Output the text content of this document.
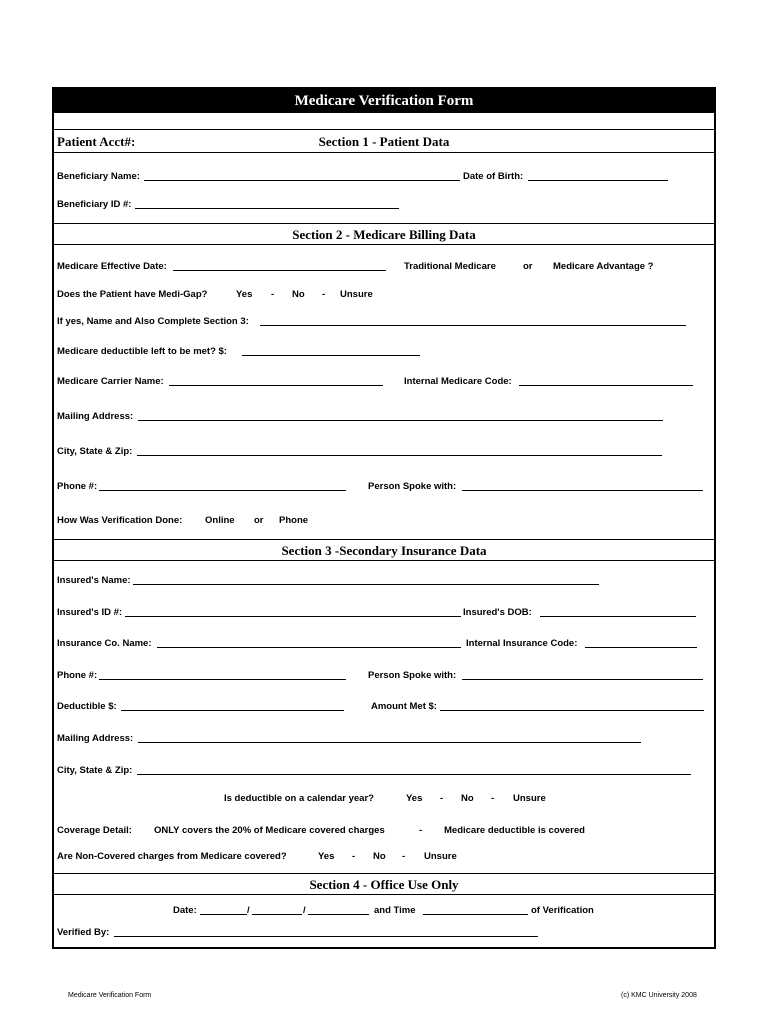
Medicare Verification Form
Patient Acct#:	Section 1 - Patient Data
Beneficiary Name:	Date of Birth:
Beneficiary ID #:
Section 2 - Medicare Billing Data
Medicare Effective Date:	Traditional Medicare	or Medicare Advantage ?
Does the Patient have Medi-Gap?	Yes - No - Unsure
If yes, Name and Also Complete Section 3:
Medicare deductible left to be met? $:
Medicare Carrier Name:	Internal Medicare Code:
Mailing Address:
City, State & Zip:
Phone #:	Person Spoke with:
How Was Verification Done: Online or Phone
Section 3 -Secondary Insurance Data
Insured's Name:
Insured's ID #:	Insured's DOB:
Insurance Co. Name:	Internal Insurance Code:
Phone #:	Person Spoke with:
Deductible $:	Amount Met $:
Mailing Address:
City, State & Zip:
Is deductible on a calendar year?	Yes - No - Unsure
Coverage Detail: ONLY covers the 20% of Medicare covered charges	- Medicare deductible is covered
Are Non-Covered charges from Medicare covered?	Yes - No - Unsure
Section 4 - Office Use Only
Date:	/	/	and Time	of Verification
Verified By:
Medicare Verification Form	(c) KMC University 2008
